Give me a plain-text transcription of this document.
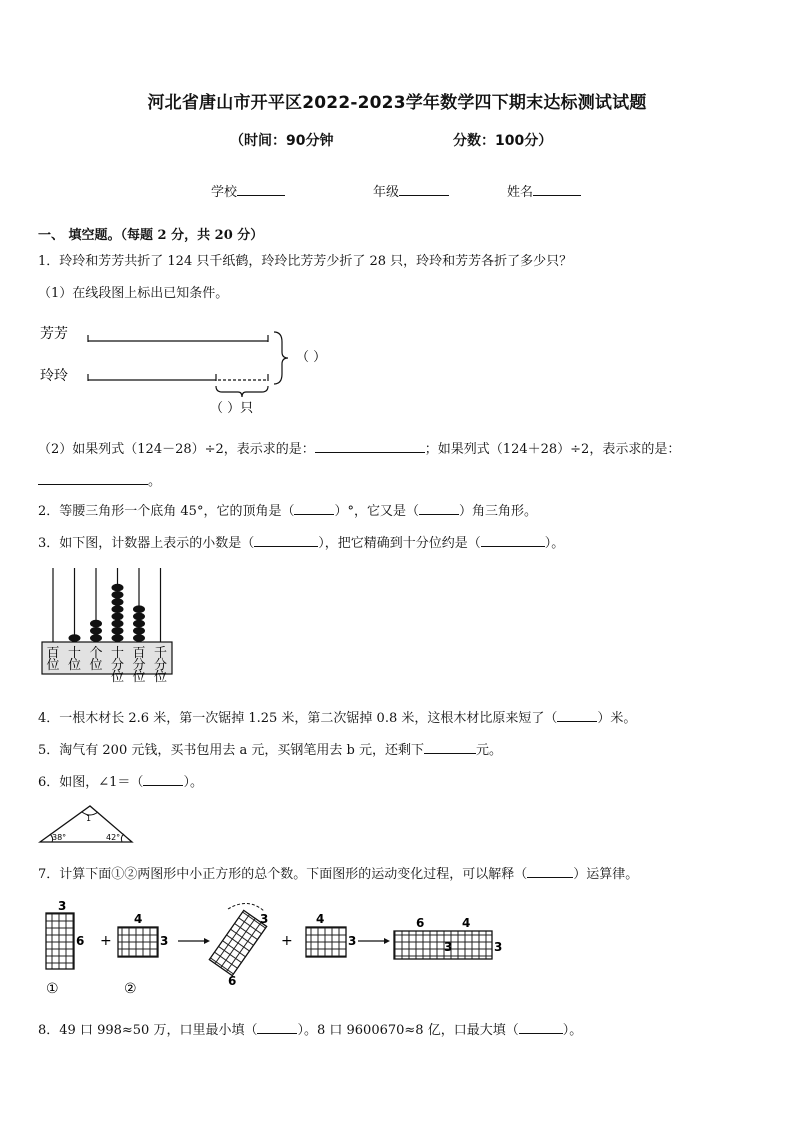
河北省唐山市开平区2022-2023学年数学四下期末达标测试试题
（时间：90分钟	分数：100分）
学校	年级	姓名
一、 填空题。（每题 2 分，共 20 分）
1．玲玲和芳芳共折了 124 只千纸鹤，玲玲比芳芳少折了 28 只，玲玲和芳芳各折了多少只？
（1）在线段图上标出已知条件。
芳芳
玲玲
（ ）
（ ）只
（2）如果列式（124－28）÷2，表示求的是：	；如果列式（124＋28）÷2，表示求的是：
。
2．等腰三角形一个底角 45°，它的顶角是（	）°，它又是（	）角三角形。
3．如下图，计数器上表示的小数是（	），把它精确到十分位约是（	）。
百
位
十
位
个
位
十
分
位
百
分
位
千
分
位
4．一根木材长 2.6 米，第一次锯掉 1.25 米，第二次锯掉 0.8 米，这根木材比原来短了（	）米。
5．淘气有 200 元钱，买书包用去 a 元，买钢笔用去 b 元，还剩下	元。
6．如图，∠1＝（	）。
1
38°	42°
7．计算下面①②两图形中小正方形的总个数。下面图形的运动变化过程，可以解释（	）运算律。
3
6
①
+
4
3
②
3
6
+
4
3
6	4
3	3
8．49 口 998≈50 万，口里最小填（	）。8 口 9600670≈8 亿，口最大填（	）。
